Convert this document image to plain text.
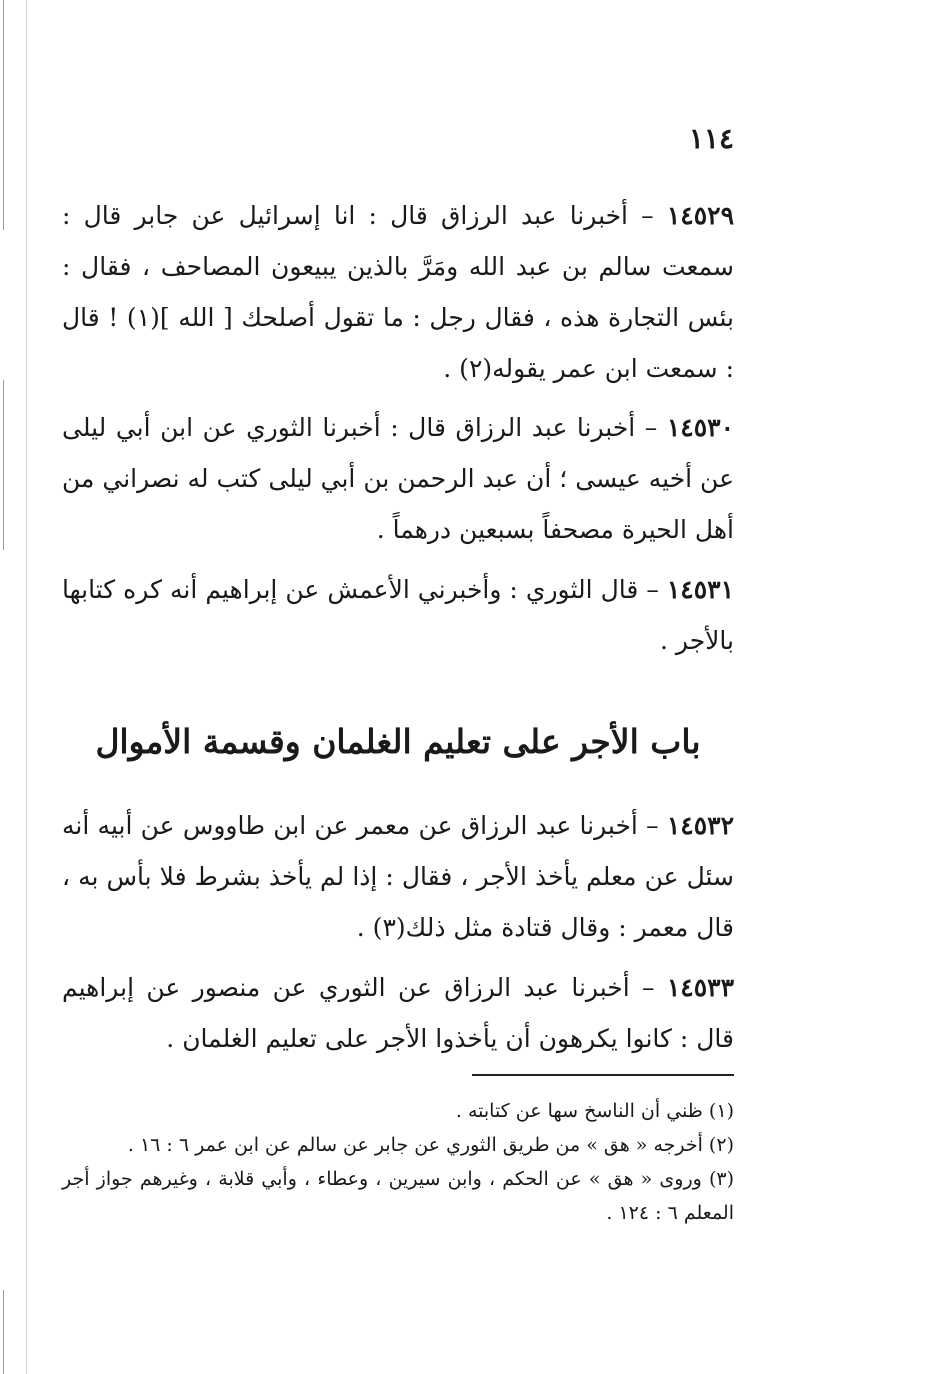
١١٤
١٤٥٢٩ – أخبرنا عبد الرزاق قال : انا إسرائيل عن جابر قال : سمعت سالم بن عبد الله ومَرَّ بالذين يبيعون المصاحف ، فقال : بئس التجارة هذه ، فقال رجل : ما تقول أصلحك [ الله ](١) ! قال : سمعت ابن عمر يقوله(٢) .
١٤٥٣٠ – أخبرنا عبد الرزاق قال : أخبرنا الثوري عن ابن أبي ليلى عن أخيه عيسى ؛ أن عبد الرحمن بن أبي ليلى كتب له نصراني من أهل الحيرة مصحفاً بسبعين درهماً .
١٤٥٣١ – قال الثوري : وأخبرني الأعمش عن إبراهيم أنه كره كتابها بالأجر .
باب الأجر على تعليم الغلمان وقسمة الأموال
١٤٥٣٢ – أخبرنا عبد الرزاق عن معمر عن ابن طاووس عن أبيه أنه سئل عن معلم يأخذ الأجر ، فقال : إذا لم يأخذ بشرط فلا بأس به ، قال معمر : وقال قتادة مثل ذلك(٣) .
١٤٥٣٣ – أخبرنا عبد الرزاق عن الثوري عن منصور عن إبراهيم قال : كانوا يكرهون أن يأخذوا الأجر على تعليم الغلمان .

(١) ظني أن الناسخ سها عن كتابته .

(٢) أخرجه « هق » من طريق الثوري عن جابر عن سالم عن ابن عمر ٦ : ١٦ .

(٣) وروى « هق » عن الحكم ، وابن سيرين ، وعطاء ، وأبي قلابة ، وغيرهم جواز أجر المعلم ٦ : ١٢٤ .
